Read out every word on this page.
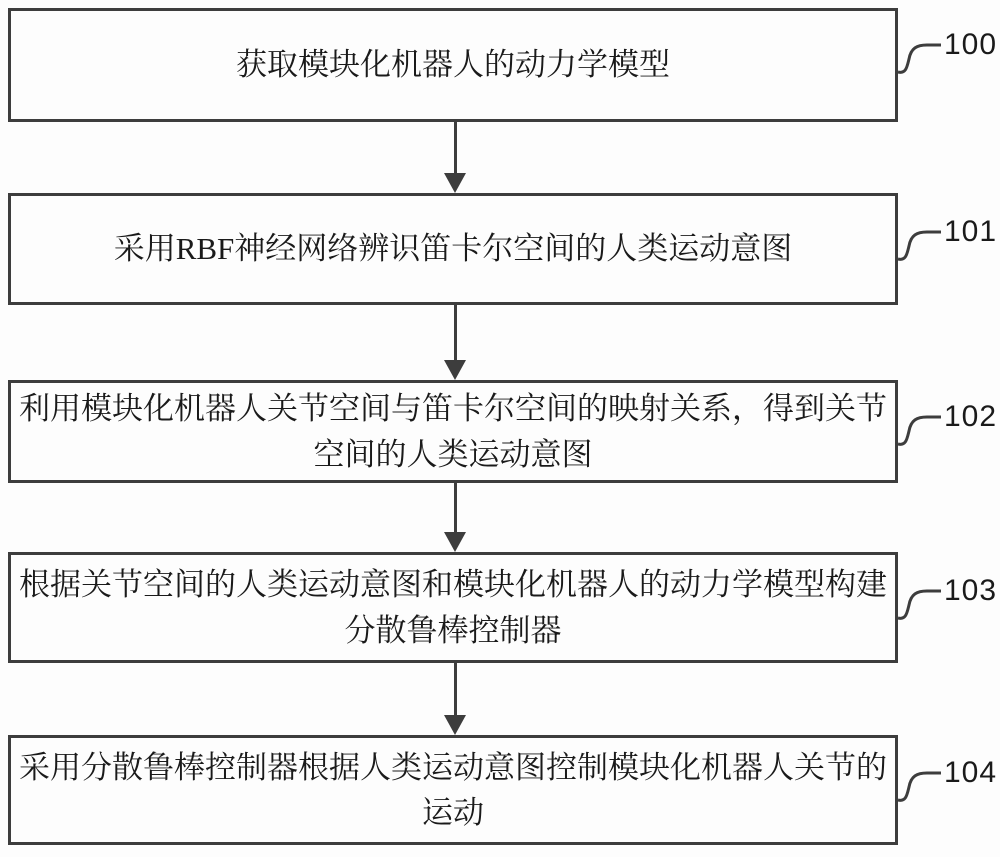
获取模块化机器人的动力学模型
采用RBF神经网络辨识笛卡尔空间的人类运动意图
利用模块化机器人关节空间与笛卡尔空间的映射关系，得到关节
空间的人类运动意图
根据关节空间的人类运动意图和模块化机器人的动力学模型构建
分散鲁棒控制器
采用分散鲁棒控制器根据人类运动意图控制模块化机器人关节的
运动
100
101
102
103
104
